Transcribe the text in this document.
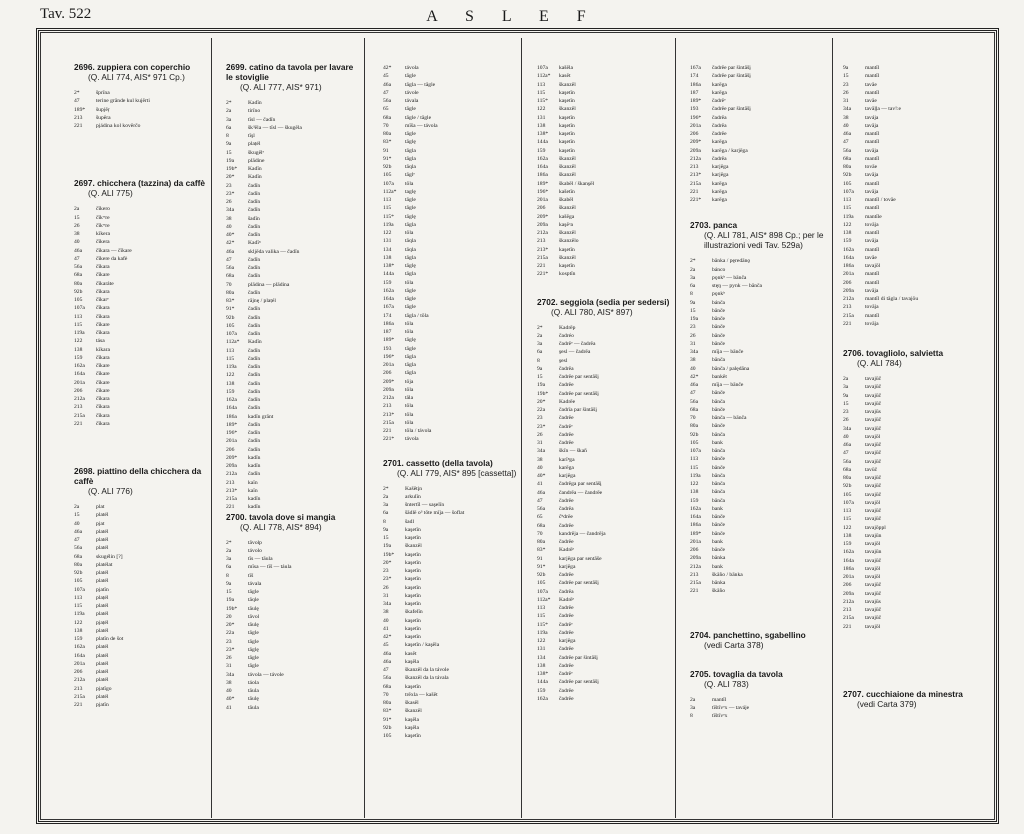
Tav. 522	A S L E F
2696. zuppiera con coperchio
(Q. ALI 774, AIS* 971 Cp.)
2*	šprīna
47	terine grānde kul kujērti
189* šupjēŗ
213 šupēra
221 pjádina kol kovērčo
2697. chicchera (tazzina) da caffè
(Q. ALI 775)
2a	čīkero
15	čīkʷre
26	čīkʷre
38	kīkera
40	čīkera
46a čīkara — čīkare
47	čīkere da kafè
56a čīkara
68a čīkare
80a čīkaráte
92b čīkara
105 čīkarᵉ
107a čīkara
113 čīkara
115 čīkare
119a čīkara
122 tása
138 kīkara
159 čīkara
162a čīkare
164a čīkare
201a čīkare
206 čīkare
212a čīkara
213 čīkara
215a čīkara
221 čīkara
2698. piattino della chicchera da caffè
(Q. ALI 776)
2a	plat
15	platél
40	pjat
46a platél
47	platél
56a platél
68a skugélin [?]
80a platélat
92b platél
105 platél
107a pjatīn
113 plaṭél
115 platél
119a platél
122 pjaṭél
138 platél
159 platīn de šot
162a platél
164a platél
201a platél
206 platél
212a platél
213 pjatīgo
215a platél
221 pjatīn
2699. catino da tavola per lavare le stoviglie
(Q. ALI 777, AIS* 971)
2*	Kadīn
2a	tirīno
3a	tīsl — čadīn
6a	šk³ēla — tīsl — škugēla
8	tīşl
9a	plaṭél
15	škugēlᵉ
19a plādine
19b* Kadīn
20* Kadīn
23	čadīn
23* čadīn
26	čadīn
34a čadīn
38	šadīn
40	čadīn
40* čadīn
42* Kadīᵑ
46a skljēda valika — čadīn
47	čadīn
56a čadīn
68a čadīn
70	plādina — plādina
80a čadīn
83* rājnę / plaṭél
91* čadīn
92b čadīn
105 čadīn
107a čadīn
112a* Kadīn
113 čadīn
115 čadīn
119a čadīn
122 čadīn
138 čadīn
159 čadīn
162a čadīn
164a čadīn
186a kadīn grānt
189* čadīn
196* čadīn
201a čadīn
206 čadīn
209* kadīn
209a kadīn
212a čadīn
213 kaīn
213* kaīn
215a kadīn
221 kadīn
2700. tavola dove si mangia
(Q. ALI 778, AIS* 894)
2*	tāvolp
2a	távolo
3a	tīs — tāula
6a	mīsa — tīš — táula
8	tīš
9a	távala
15	tāgle
19a tāqle
19b* tāulę
20	tāvol
20* tāulę
22a tāgle
23	tāgle
23* tāglę
26	tāgle
31	tāgle
34a távola — távole
38	táola
40	tāula
40* tāulę
41	tāula
42* távola
45	tāgle
46a tāgla — tāgle
47	távole
56a távala
65	tāgle
68a tāgle / tāgle
70	mīša — távola
80a tāgle
83* tāglę
91	tāgla
91* tāgla
92b tāqla
105 tāglᵉ
107a tōla
112a* taglę
113 tāgle
115 tāgle
115* tāglę
119a tāgla
122 tōla
131 tāqla
134 tāqla
138 tāgla
138* tāglę
144a tāgla
159 tōla
162a tāgle
164a tāgle
167a tāgle
174 tāgla / tōla
186a tōla
187 tōla
189* tāglę
193 tāgle
196* tāgla
201a tāgla
206 tāgla
209* tōja
209a tōla
212a tāla
213 tōla
213* tōla
215a tōla
221 tōla / távola
221* távola
2701. cassetto (della tavola)
(Q. ALI 779, AIS* 895 [cassetta])
2*	Kašētįn
2a	arkulīn
3a	šntertīl — saşelīn
6a	šādlē o³ tōte mīja — šoflat
8	šadl
9a	kaşetīn
15	kaşetīn
19a škanzēl
19b* kaşetīn
20* kaşetīn
23	kaşetīn
23* kaşetīn
26	kaşetīn
31	kaşetīn
34a kaşetīn
38	škafelīn
40	kaşetīn
41	kaşetīn
42* kaşetīn
45	kaşetīn / kaşēla
46a kasēt
46a kaşēla
47	škanzēl da la távole
56a škanzēl da la távala
68a kaşetīn
70	trēxla — kašēt
80a škasēl
83* škanzēl
91* kaşēla
92b kaşēla
105 kaşetīn
107a kašēla
112a* kasēt
113 škanzēl
115 kaşetīn
115* kaşetīn
122 škanzēl
131 kaşetīn
138 kaşetīn
138* kaşetīn
144a kaşetīn
159 kaşetīn
162a škanzēl
164a škanzēl
186a škanzēl
189* škabēl / škanşēl
196* kašetīn
201a škabēl
206 škanzēl
209* kašēga
209a kaşēᵃa
212a škanzēl
213 škanzēlo
213* kaşetīn
215a škanzēl
221 kaşetīn
221* kosptīn
2702. seggiola (sedia per sedersi)
(Q. ALI 780, AIS* 897)
2*	Kadrēp
2a	čadréo
3a	čadrēᵉ — čadrēa
6a	şesl — čadrēa
8	şesl
9a	čadrēa
15	čadrēe par sentāšį
19a čadrēe
19b* čadrēe par sentāšį
20* Kadrēe
22a čadrīa par šintāšį
23	čadrēe
23* čadrēᵉ
26	čadrēe
31	čadrēe
34a škīn — škaň
38	karīᵑga
40	karēga
40* karjēga
41	čadrēga par sentāšį
46a čandrēa — čandrēe
47	čadrēe
56a čadrēa
65	ĉʰdrēe
68a čadrēe
70	kandrēja — čandrēja
80a čadrēe
83* Kadrēᵉ
91	karjēga par sentāše
91* karjēga
92b čadrēe
105 čadrēe par sentāšį
107a čadrēa
112a* Kadrēᵉ
113 čadrēe
115 čadrēe
115* čadrēᵉ
119a čadrēe
122 karjēga
131 čadrēe
134 čadrēe par šintāšį
138 čadrēe
138* čadrēᵉ
144a čadrēe par sentāšį
159 čadrēe
162a čadrēe
167a čadrēe par šintāšį
174 čadrēe par šintāšį
186a karēga
187 karēga
189* čadrēᵉ
193 čadrēe par šintāšį
196* čadrēa
201a čadrēa
206 čadrēe
209* karēga
209a karēga / karjēga
212a čadrēa
213 karjēga
213* karjēga
215a karēga
221 karēga
221* karēga
2703. panca
(Q. ALI 781, AIS* 898 Cp.; per le illustrazioni vedi Tav. 529a)
2*	bānka / pęredānǫ
2a	bánco
3a	pǫnkʰ — bānča
6a	stęŋ — pynk — bānča
8	pǫnkʰ
9a	bánča
15	bānče
19a bānče
23	bānče
26	bānče
31	bānče
34a mīja — bānče
38	bānča
40	bānča / palędāna
42* bankēt
46a mīja — bānče
47	bānče
56a bānča
68a bānče
70	bānča — bānča
80a bānče
92b bānča
105 bank
107a bānča
113 bānče
115 bānče
119a bānča
122 bānča
138 bānča
159 bānča
162a bank
164a bānče
186a bānče
189* bānče
201a bank
206 bānče
209a bānka
212a bank
213 škāño / bānka
215a bānka
221 škāño
2704. panchettino, sgabellino
(vedi Carta 378)
2705. tovaglia da tavola
(Q. ALI 783)
2a	mantīl
3a	tīštīvᵉx — taváje
8	tīštīvᵉx
9a	mantīl
15	mantīl
23	tavāe
26	mantīl
31	tavāe
34a tavāļļa — tav!:e
38	tavája
40	tavāja
46a mantīl
47	mantīl
56a tavāja
68a mantīl
80a tovāe
92b tavāja
105 mantīl
107a tavāja
113 mantīl / tovāe
115 mantīl
119a mantīle
122 tovāja
138 mantīl
159 tavāja
162a mantīl
164a tavāe
186a tavajōl
201a mantīl
206 mantīl
209a tavāja
212a mantīl di tāgla / tavajōu
213 tovāja
215a mantīl
221 tovāja
2706. tovagliolo, salvietta
(Q. ALI 784)
2a	tavajūč
3a	tavajūč
9a	tavajūč
15	tavajūč
23	tavajūs
26	tavajūč
34a tavajūč
40	tavajōl
46a tavajūč
47	tavajūč
56a tavajūč
68a tavūč
80a tavajūč
92b tavajūč
105 tavajūč
107a tavajōl
113 tavajūč
115 tavajūč
122 tavajōppl
138 tavajūn
159 tavajōl
162a tavajūn
164a tavajūč
186a tavajōl
201a tavajōl
206 tavajūč
209a tavajūč
212a tavajūs
213 tavajūč
215a tavajūč
221 tavajōl
2707. cucchiaione da minestra
(vedi Carta 379)
